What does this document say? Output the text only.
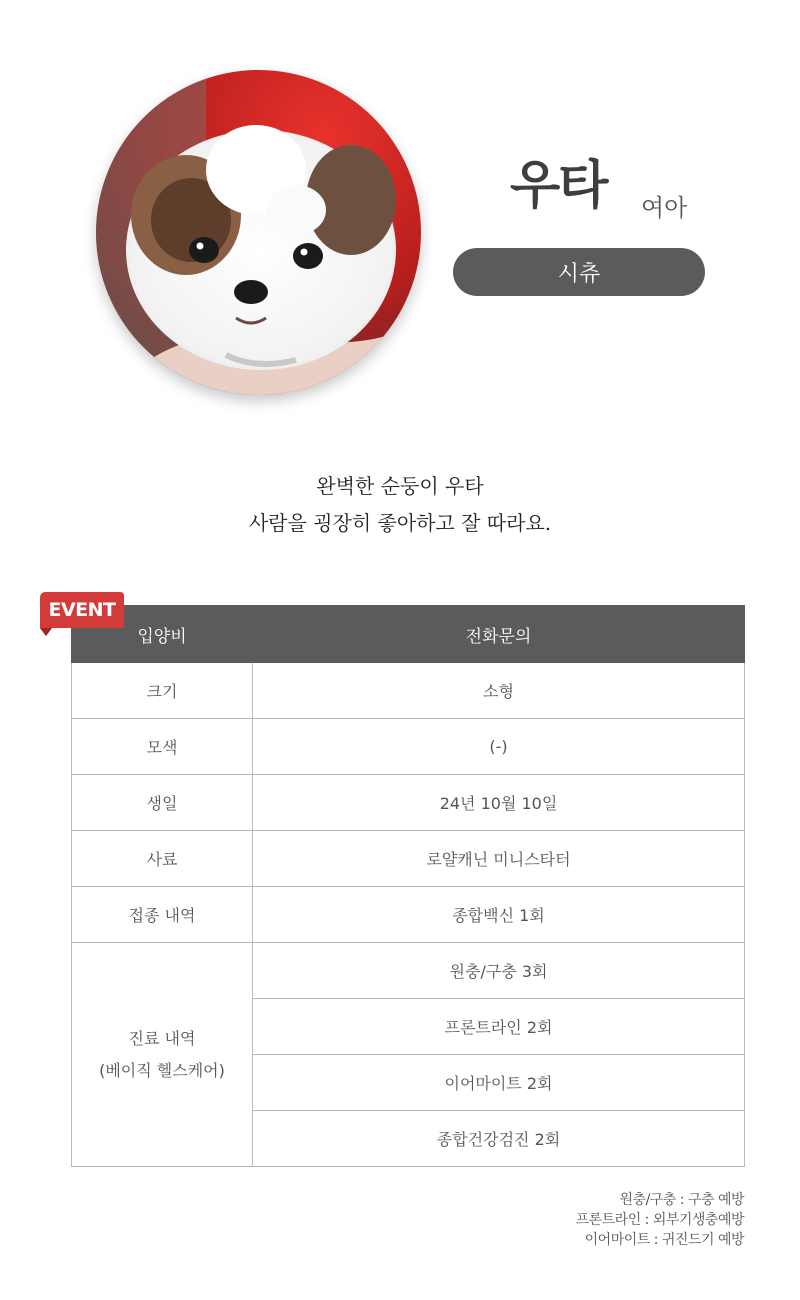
우타 여아
시츄
완벽한 순둥이 우타
사람을 굉장히 좋아하고 잘 따라요.
입양비	전화문의
크기	소형
모색	(-)
생일	24년 10월 10일
사료	로얄캐닌 미니스타터
접종 내역	종합백신 1회

진료 내역
(베이직 헬스케어)	원충/구충 3회
	프론트라인 2회
	이어마이트 2회
	종합건강검진 2회
EVENT
원충/구충 : 구충 예방
프론트라인 : 외부기생충예방
이어마이트 : 귀진드기 예방
